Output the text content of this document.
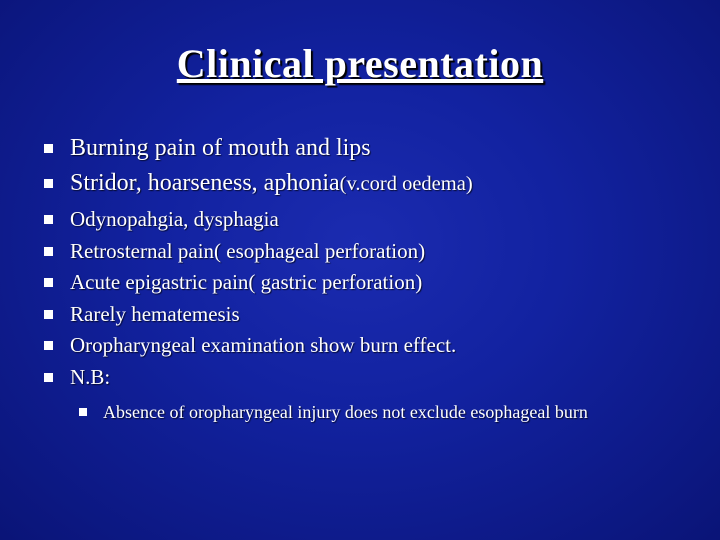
Clinical presentation
Burning pain of mouth and lips
Stridor, hoarseness, aphonia(v.cord oedema)
Odynopahgia, dysphagia
Retrosternal pain( esophageal perforation)
Acute epigastric pain( gastric perforation)
Rarely hematemesis
Oropharyngeal examination show burn effect.
N.B:
Absence of oropharyngeal injury does not exclude esophageal burn
